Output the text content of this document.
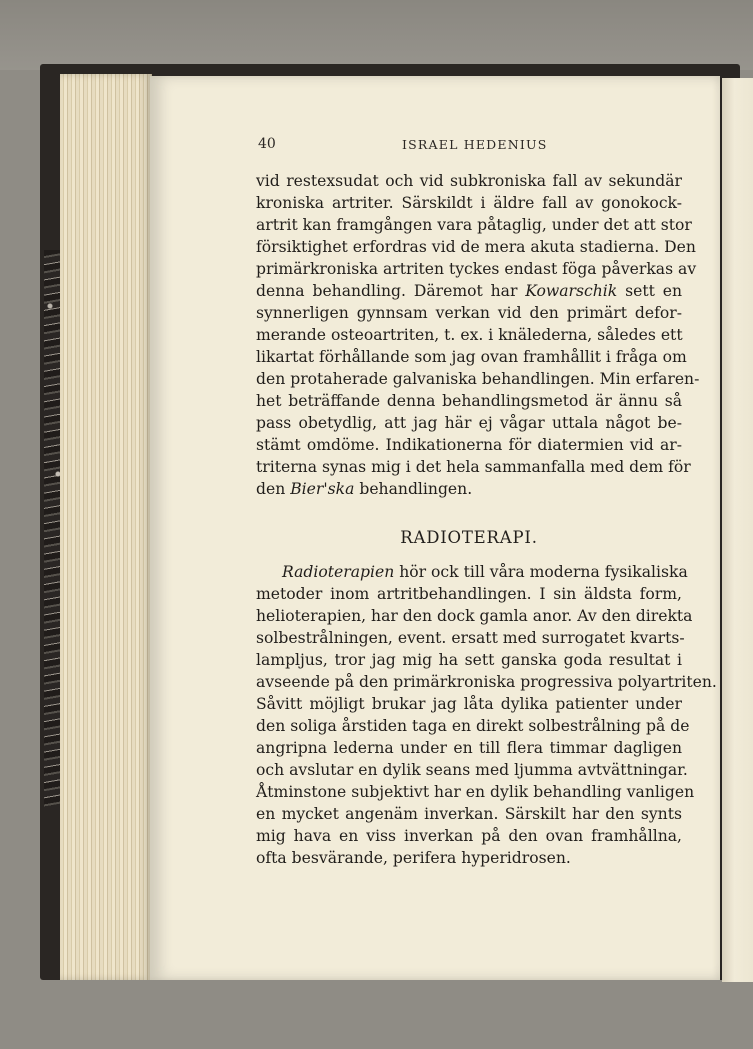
40	ISRAEL HEDENIUS
vid restexsudat och vid subkroniska fall av sekundär
kroniska artriter. Särskildt i äldre fall av gonokock-
artrit kan framgången vara påtaglig, under det att stor
försiktighet erfordras vid de mera akuta stadierna. Den
primärkroniska artriten tyckes endast föga påverkas av
denna behandling. Däremot har Kowarschik sett en
synnerligen gynnsam verkan vid den primärt defor-
merande osteoartriten, t. ex. i knälederna, således ett
likartat förhållande som jag ovan framhållit i fråga om
den protaherade galvaniska behandlingen. Min erfaren-
het beträffande denna behandlingsmetod är ännu så
pass obetydlig, att jag här ej vågar uttala något be-
stämt omdöme. Indikationerna för diatermien vid ar-
triterna synas mig i det hela sammanfalla med dem för
den Bier'ska behandlingen.
RADIOTERAPI.
Radioterapien hör ock till våra moderna fysikaliska
metoder inom artritbehandlingen. I sin äldsta form,
helioterapien, har den dock gamla anor. Av den direkta
solbestrålningen, event. ersatt med surrogatet kvarts-
lampljus, tror jag mig ha sett ganska goda resultat i
avseende på den primärkroniska progressiva polyartriten.
Såvitt möjligt brukar jag låta dylika patienter under
den soliga årstiden taga en direkt solbestrålning på de
angripna lederna under en till flera timmar dagligen
och avslutar en dylik seans med ljumma avtvättningar.
Åtminstone subjektivt har en dylik behandling vanligen
en mycket angenäm inverkan. Särskilt har den synts
mig hava en viss inverkan på den ovan framhållna,
ofta besvärande, perifera hyperidrosen.
